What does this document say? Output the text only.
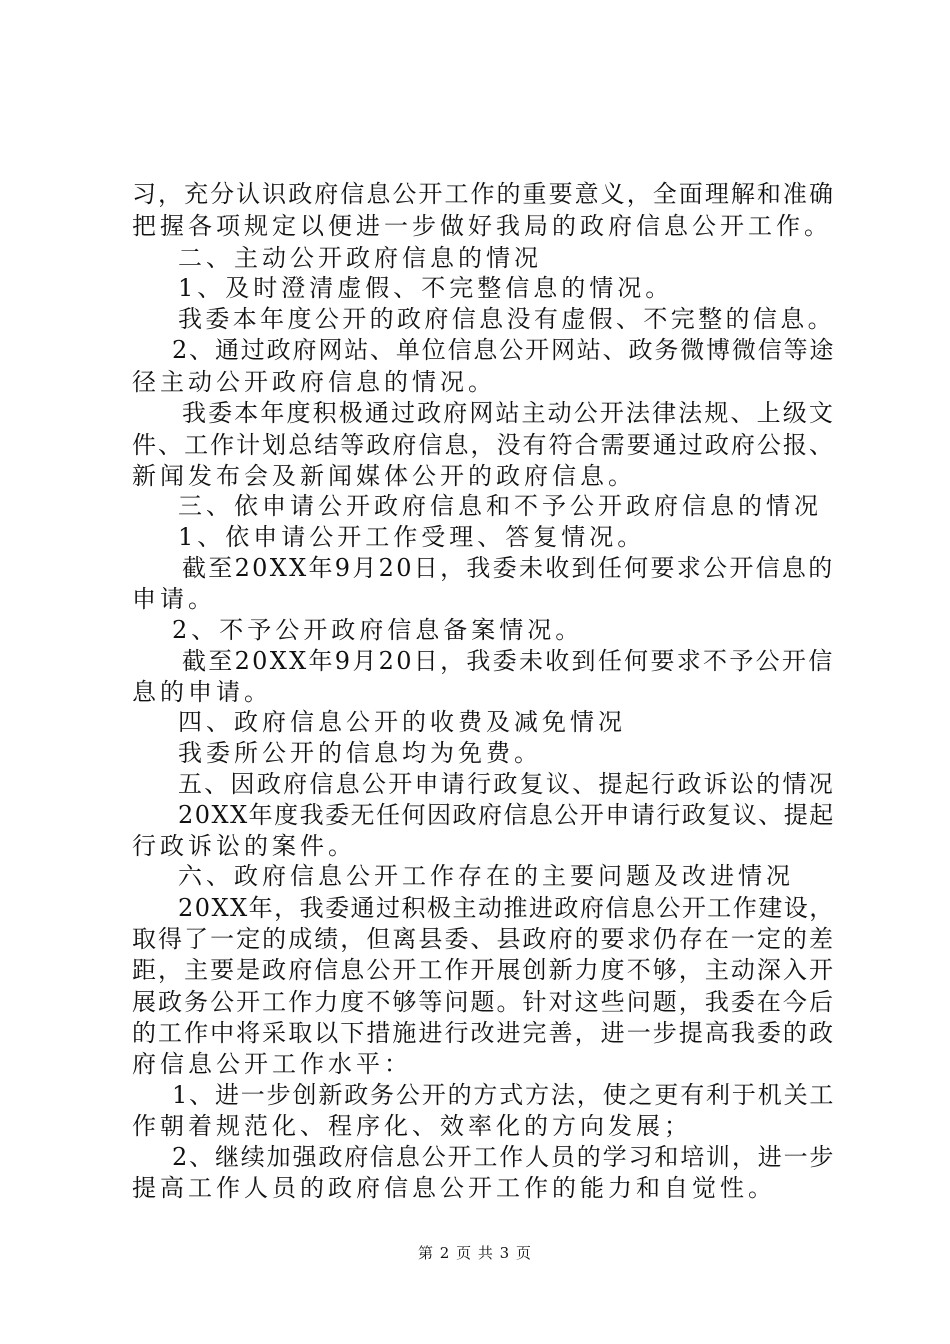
习，充分认识政府信息公开工作的重要意义，全面理解和准确
把握各项规定以便进一步做好我局的政府信息公开工作。
二、主动公开政府信息的情况
1、及时澄清虚假、不完整信息的情况。
我委本年度公开的政府信息没有虚假、不完整的信息。
2、通过政府网站、单位信息公开网站、政务微博微信等途
径主动公开政府信息的情况。
我委本年度积极通过政府网站主动公开法律法规、上级文
件、工作计划总结等政府信息，没有符合需要通过政府公报、
新闻发布会及新闻媒体公开的政府信息。
三、依申请公开政府信息和不予公开政府信息的情况
1、依申请公开工作受理、答复情况。
截至20XX年9月20日，我委未收到任何要求公开信息的
申请。
2、不予公开政府信息备案情况。
截至20XX年9月20日，我委未收到任何要求不予公开信
息的申请。
四、政府信息公开的收费及减免情况
我委所公开的信息均为免费。
五、因政府信息公开申请行政复议、提起行政诉讼的情况
20XX年度我委无任何因政府信息公开申请行政复议、提起
行政诉讼的案件。
六、政府信息公开工作存在的主要问题及改进情况
20XX年，我委通过积极主动推进政府信息公开工作建设，
取得了一定的成绩，但离县委、县政府的要求仍存在一定的差
距，主要是政府信息公开工作开展创新力度不够，主动深入开
展政务公开工作力度不够等问题。针对这些问题，我委在今后
的工作中将采取以下措施进行改进完善，进一步提高我委的政
府信息公开工作水平：
1、进一步创新政务公开的方式方法，使之更有利于机关工
作朝着规范化、程序化、效率化的方向发展；
2、继续加强政府信息公开工作人员的学习和培训，进一步
提高工作人员的政府信息公开工作的能力和自觉性。
第 2 页 共 3 页
